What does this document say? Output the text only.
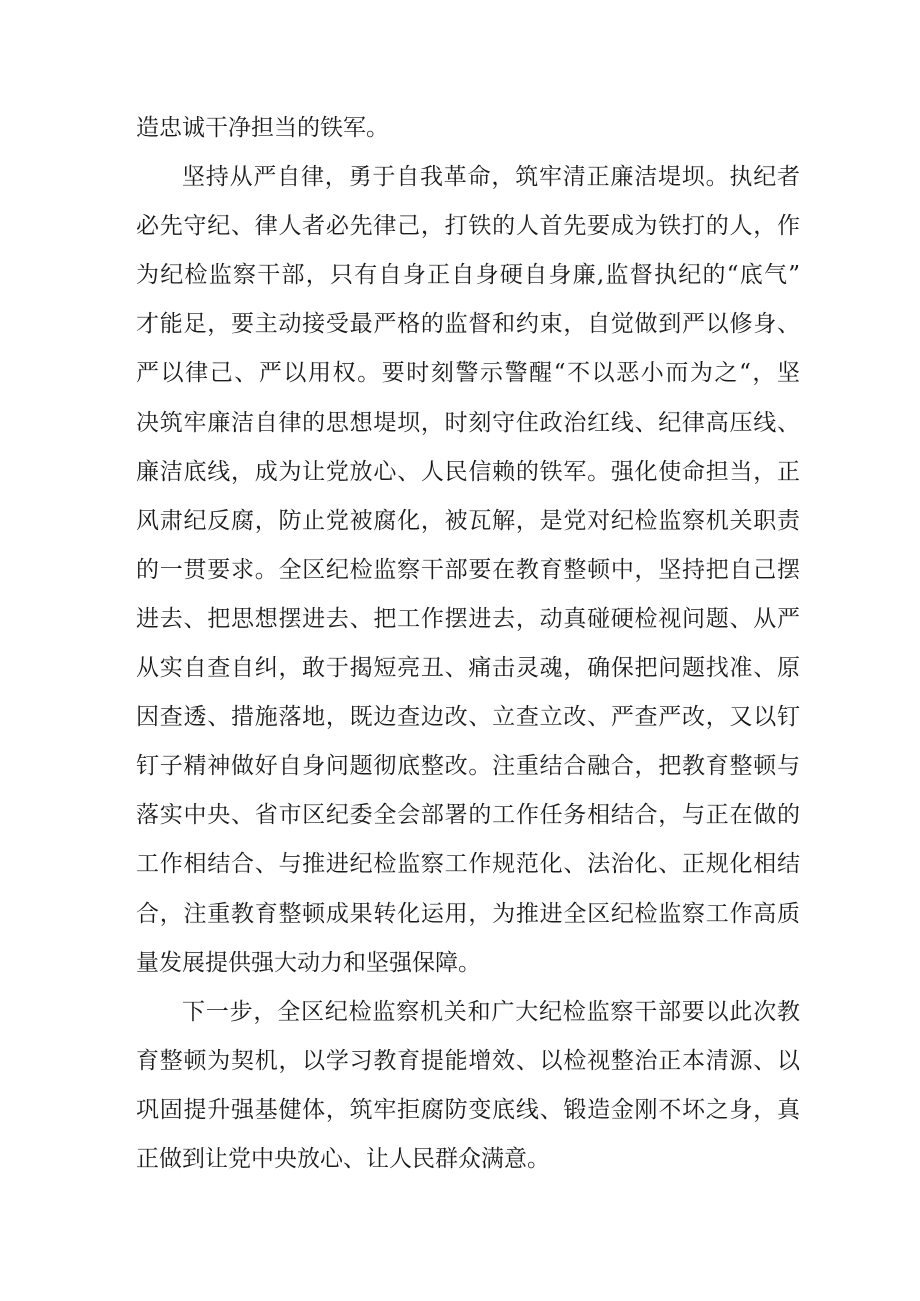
造忠诚干净担当的铁军。
坚持从严自律，勇于自我革命，筑牢清正廉洁堤坝。执纪者
必先守纪、律人者必先律己，打铁的人首先要成为铁打的人，作
为纪检监察干部，只有自身正自身硬自身廉,监督执纪的“底气”
才能足，要主动接受最严格的监督和约束，自觉做到严以修身、
严以律己、严以用权。要时刻警示警醒“不以恶小而为之“，坚
决筑牢廉洁自律的思想堤坝，时刻守住政治红线、纪律高压线、
廉洁底线，成为让党放心、人民信赖的铁军。强化使命担当，正
风肃纪反腐，防止党被腐化，被瓦解，是党对纪检监察机关职责
的一贯要求。全区纪检监察干部要在教育整顿中，坚持把自己摆
进去、把思想摆进去、把工作摆进去，动真碰硬检视问题、从严
从实自查自纠，敢于揭短亮丑、痛击灵魂，确保把问题找准、原
因查透、措施落地，既边查边改、立查立改、严查严改，又以钉
钉子精神做好自身问题彻底整改。注重结合融合，把教育整顿与
落实中央、省市区纪委全会部署的工作任务相结合，与正在做的
工作相结合、与推进纪检监察工作规范化、法治化、正规化相结
合，注重教育整顿成果转化运用，为推进全区纪检监察工作高质
量发展提供强大动力和坚强保障。
下一步，全区纪检监察机关和广大纪检监察干部要以此次教
育整顿为契机，以学习教育提能增效、以检视整治正本清源、以
巩固提升强基健体，筑牢拒腐防变底线、锻造金刚不坏之身，真
正做到让党中央放心、让人民群众满意。
